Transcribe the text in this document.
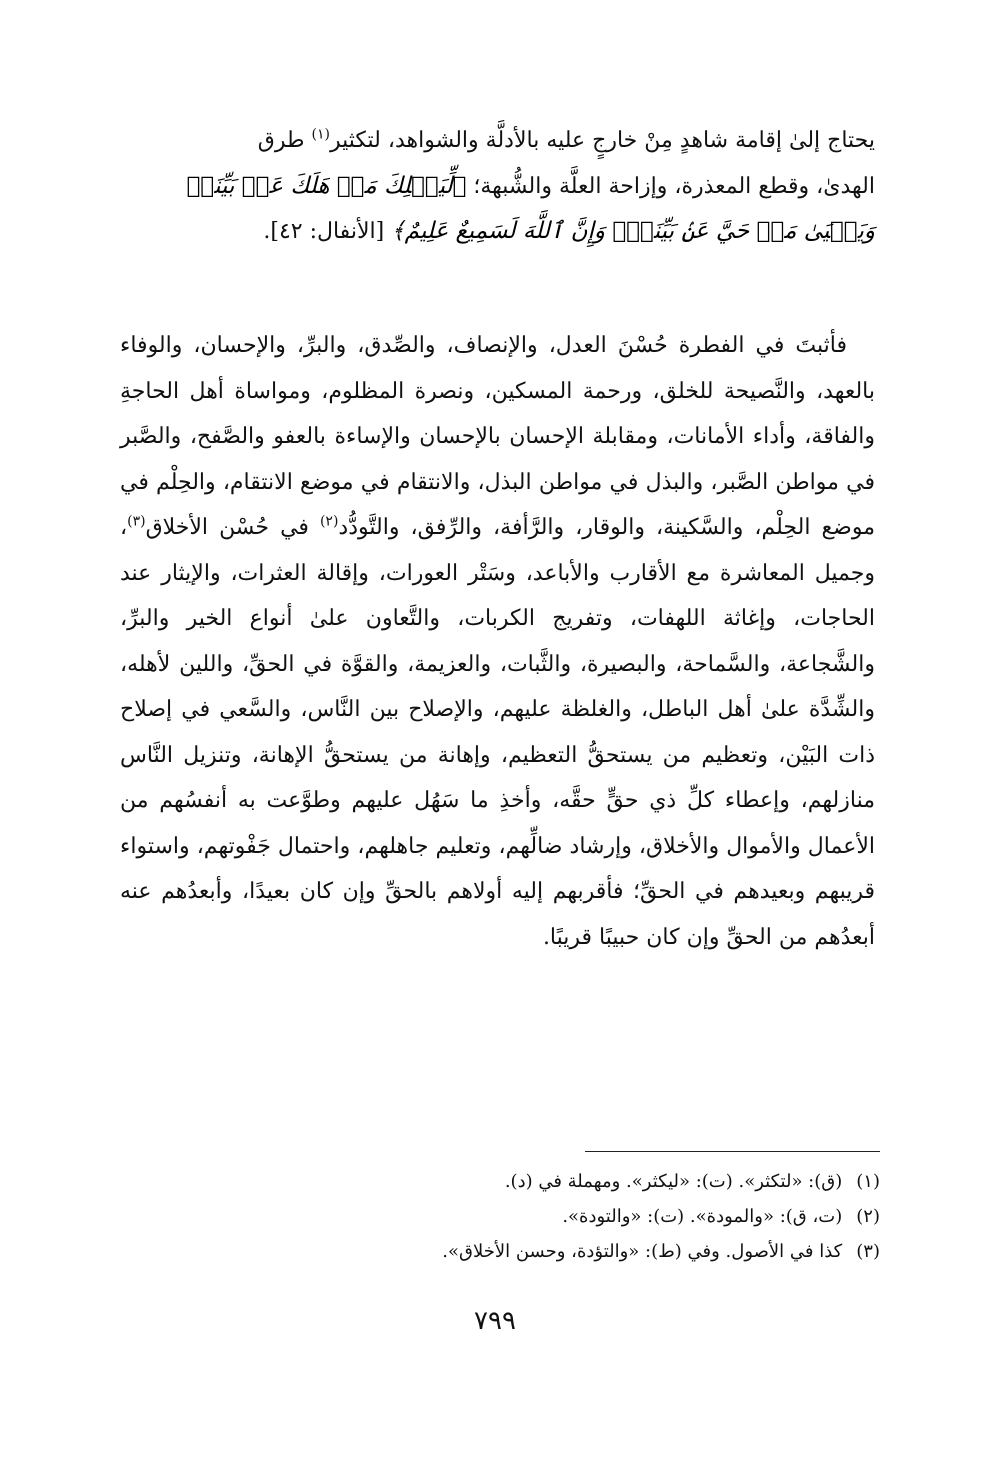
يحتاج إلىٰ إقامة شاهدٍ مِنْ خارجٍ عليه بالأدلَّة والشواهد، لتكثير$^{(١)}$ طرق
الهدىٰ، وقطع المعذرة، وإزاحة العلَّة والشُّبهة؛ ﴿لِّيَهۡلِكَ مَنۡ هَلَكَ عَنۢ بَيِّنَةٖ
وَيَحۡيَىٰ مَنۡ حَيَّ عَنۢ بَيِّنَةٖۗ وَإِنَّ ٱللَّهَ لَسَمِيعٌ عَلِيمٌ﴾ [الأنفال: ٤٢].
فأثبتَ في الفطرة حُسْنَ العدل، والإنصاف، والصِّدق، والبرِّ، والإحسان، والوفاء بالعهد، والنَّصيحة للخلق، ورحمة المسكين، ونصرة المظلوم، ومواساة أهل الحاجةِ والفاقة، وأداء الأمانات، ومقابلة الإحسان بالإحسان والإساءة بالعفو والصَّفح، والصَّبر في مواطن الصَّبر، والبذل في مواطن البذل، والانتقام في موضع الانتقام، والحِلْم في موضع الحِلْم، والسَّكينة، والوقار، والرَّأفة، والرِّفق، والتَّودُّد$^{(٢)}$ في حُسْن الأخلاق$^{(٣)}$، وجميل المعاشرة مع الأقارب والأباعد، وسَتْر العورات، وإقالة العثرات، والإيثار عند الحاجات، وإغاثة اللهفات، وتفريج الكربات، والتَّعاون علىٰ أنواع الخير والبرِّ، والشَّجاعة، والسَّماحة، والبصيرة، والثَّبات، والعزيمة، والقوَّة في الحقِّ، واللين لأهله، والشِّدَّة علىٰ أهل الباطل، والغلظة عليهم، والإصلاح بين النَّاس، والسَّعي في إصلاح ذات البَيْن، وتعظيم من يستحقُّ التعظيم، وإهانة من يستحقُّ الإهانة، وتنزيل النَّاس منازلهم، وإعطاء كلِّ ذي حقٍّ حقَّه، وأخذِ ما سَهُل عليهم وطوَّعت به أنفسُهم من الأعمال والأموال والأخلاق، وإرشاد ضالِّهم، وتعليم جاهلهم، واحتمال جَفْوتهم، واستواء قريبهم وبعيدهم في الحقِّ؛ فأقربهم إليه أولاهم بالحقِّ وإن كان بعيدًا، وأبعدُهم عنه أبعدُهم من الحقِّ وإن كان حبيبًا قريبًا.
(١)(ق): «لتكثر». (ت): «ليكثر». ومهملة في (د).
(٢)(ت، ق): «والمودة». (ت): «والتودة».
(٣)كذا في الأصول. وفي (ط): «والتؤدة، وحسن الأخلاق».
٧٩٩
